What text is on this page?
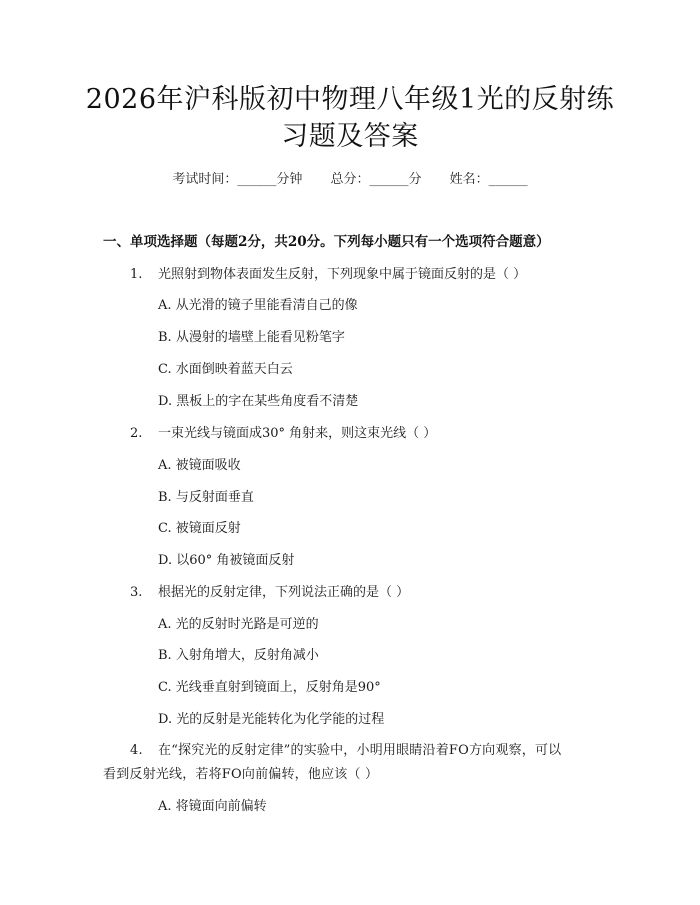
2026年沪科版初中物理八年级1光的反射练
习题及答案
考试时间：______分钟 总分：______分 姓名：______
一、单项选择题（每题2分，共20分。下列每小题只有一个选项符合题意）
1. 光照射到物体表面发生反射，下列现象中属于镜面反射的是（ ）
A. 从光滑的镜子里能看清自己的像
B. 从漫射的墙壁上能看见粉笔字
C. 水面倒映着蓝天白云
D. 黑板上的字在某些角度看不清楚
2. 一束光线与镜面成30° 角射来，则这束光线（ ）
A. 被镜面吸收
B. 与反射面垂直
C. 被镜面反射
D. 以60° 角被镜面反射
3. 根据光的反射定律，下列说法正确的是（ ）
A. 光的反射时光路是可逆的
B. 入射角增大，反射角减小
C. 光线垂直射到镜面上，反射角是90°
D. 光的反射是光能转化为化学能的过程
4. 在“探究光的反射定律”的实验中，小明用眼睛沿着FO方向观察，可以
看到反射光线，若将FO向前偏转，他应该（ ）
A. 将镜面向前偏转
